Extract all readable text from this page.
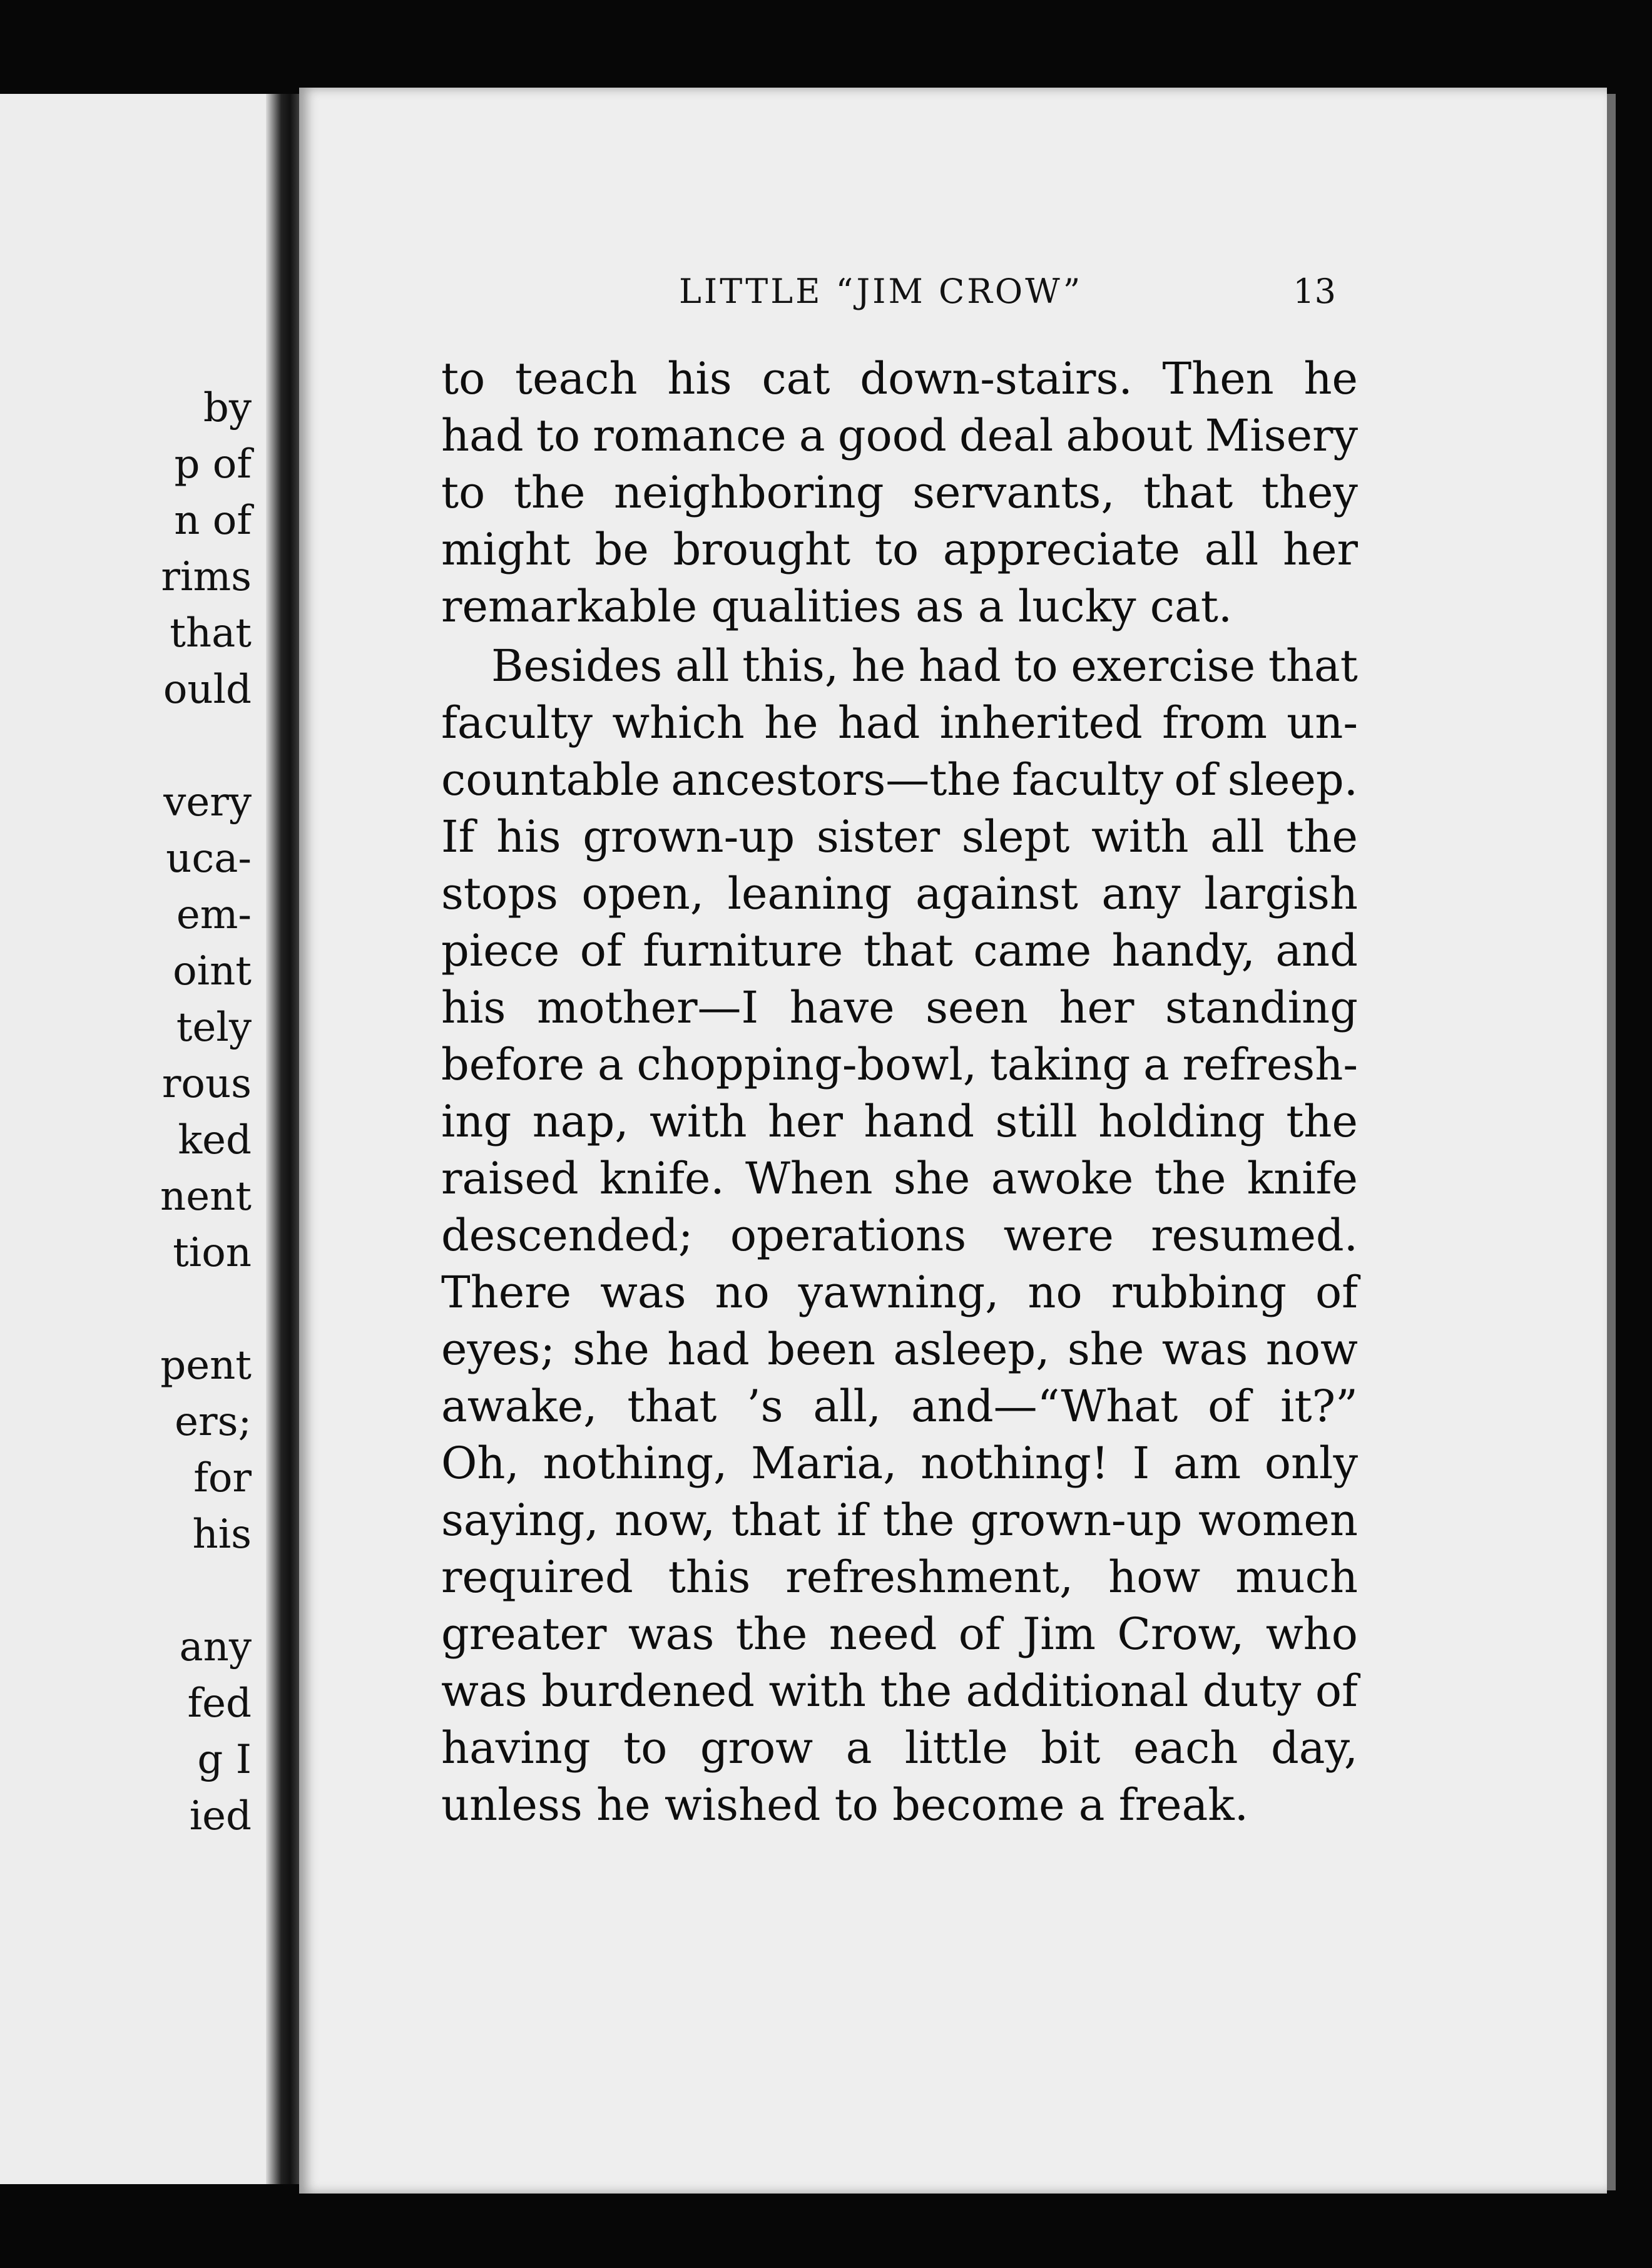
by
p of
n of
rims
that
ould
very
uca-
em-
oint
tely
rous
ked
nent
tion
pent
ers;
for
his
any
fed
g I
ied
LITTLE “JIM CROW”	13
to teach his cat down-stairs. Then he
had to romance a good deal about Misery
to the neighboring servants, that they
might be brought to appreciate all her
remarkable qualities as a lucky cat.
Besides all this, he had to exercise that
faculty which he had inherited from un-
countable ancestors—the faculty of sleep.
If his grown-up sister slept with all the
stops open, leaning against any largish
piece of furniture that came handy, and
his mother—I have seen her standing
before a chopping-bowl, taking a refresh-
ing nap, with her hand still holding the
raised knife. When she awoke the knife
descended; operations were resumed.
There was no yawning, no rubbing of
eyes; she had been asleep, she was now
awake, that ’s all, and—“What of it?”
Oh, nothing, Maria, nothing! I am only
saying, now, that if the grown-up women
required this refreshment, how much
greater was the need of Jim Crow, who
was burdened with the additional duty of
having to grow a little bit each day,
unless he wished to become a freak.
